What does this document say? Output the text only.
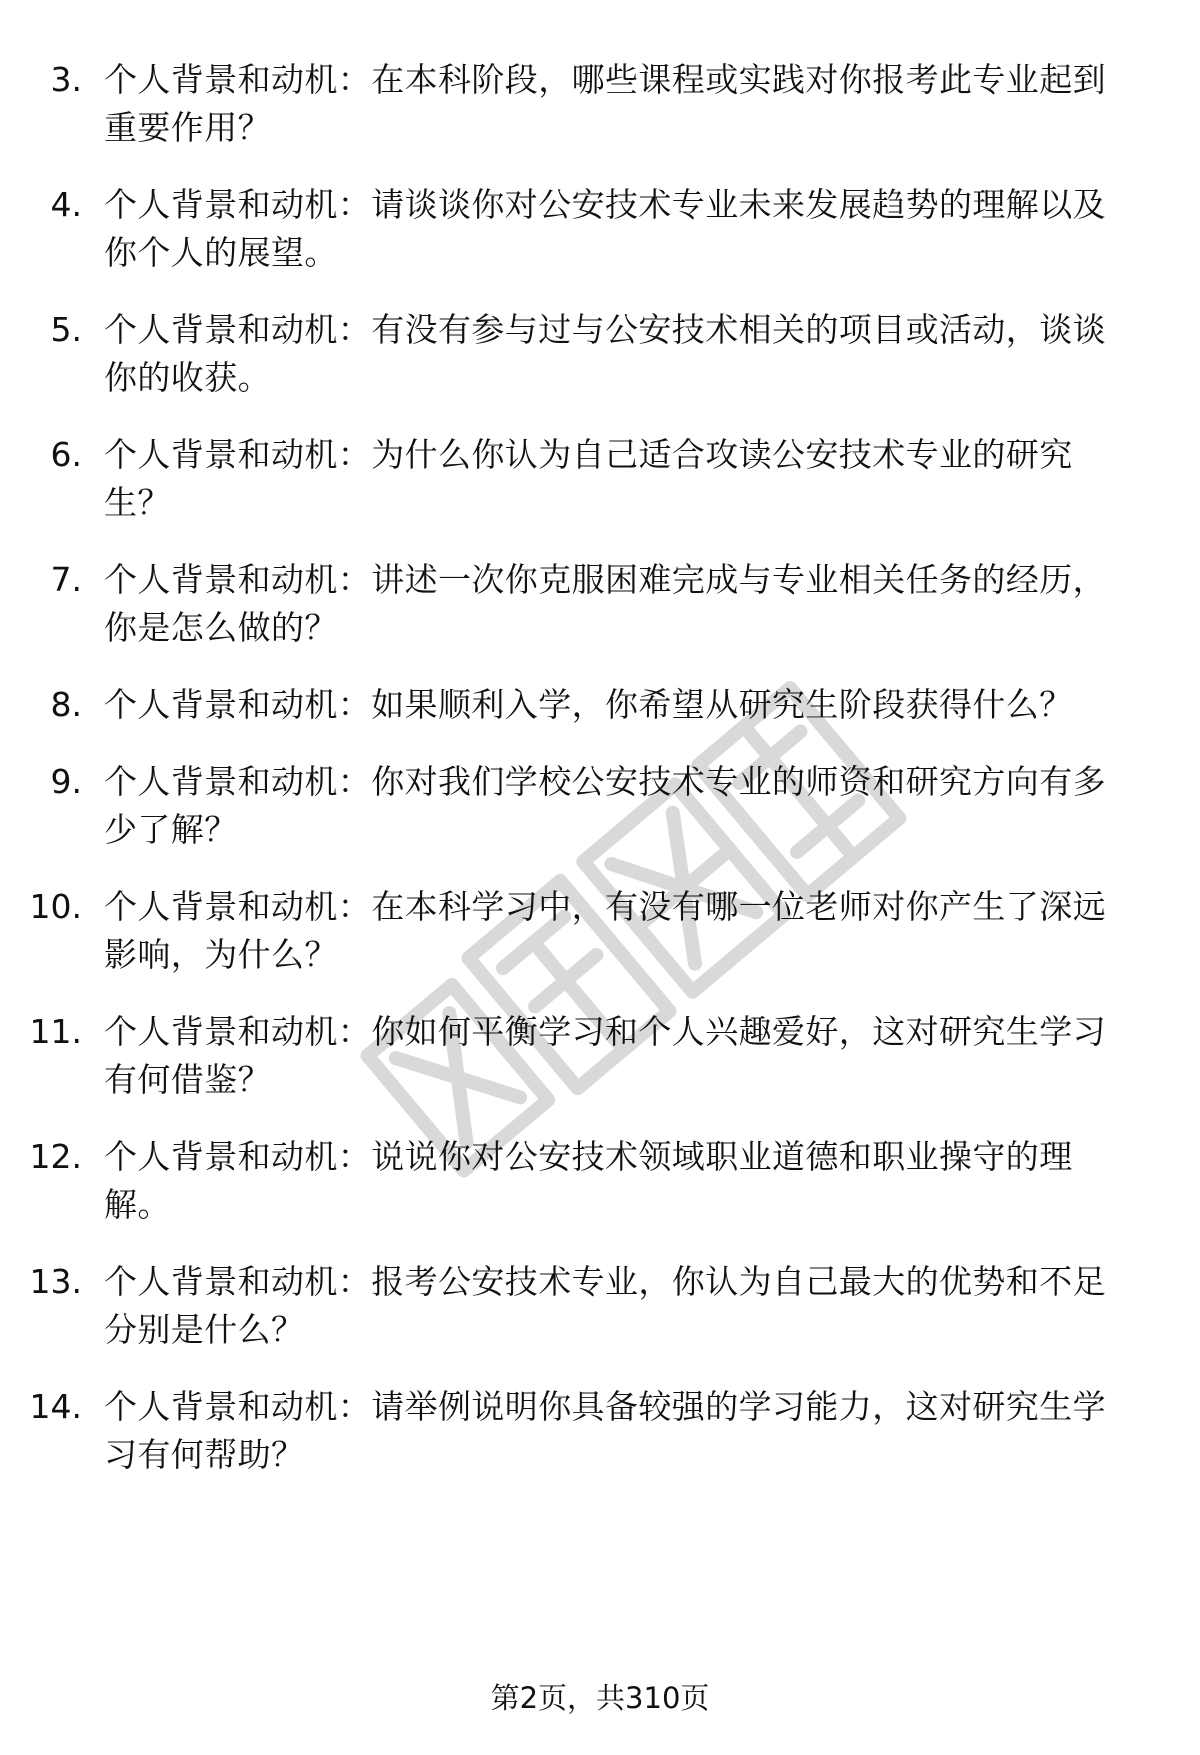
3. 个人背景和动机：在本科阶段，哪些课程或实践对你报考此专业起到重要作用？
4. 个人背景和动机：请谈谈你对公安技术专业未来发展趋势的理解以及你个人的展望。
5. 个人背景和动机：有没有参与过与公安技术相关的项目或活动，谈谈你的收获。
6. 个人背景和动机：为什么你认为自己适合攻读公安技术专业的研究生？
7. 个人背景和动机：讲述一次你克服困难完成与专业相关任务的经历，你是怎么做的？
8. 个人背景和动机：如果顺利入学，你希望从研究生阶段获得什么？
9. 个人背景和动机：你对我们学校公安技术专业的师资和研究方向有多少了解？
10. 个人背景和动机：在本科学习中，有没有哪一位老师对你产生了深远影响，为什么？
11. 个人背景和动机：你如何平衡学习和个人兴趣爱好，这对研究生学习有何借鉴？
12. 个人背景和动机：说说你对公安技术领域职业道德和职业操守的理解。
13. 个人背景和动机：报考公安技术专业，你认为自己最大的优势和不足分别是什么？
14. 个人背景和动机：请举例说明你具备较强的学习能力，这对研究生学习有何帮助？
第2页，共310页
